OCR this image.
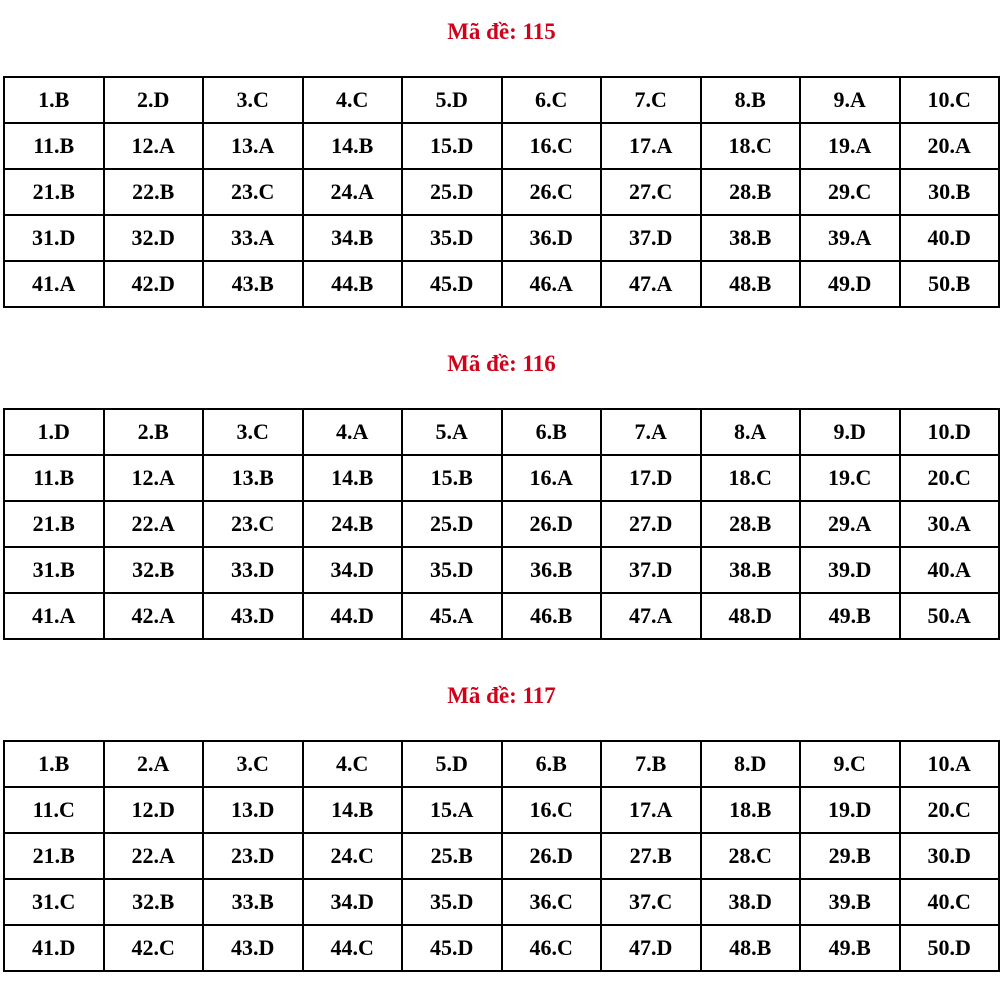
Mã đề: 115
1.B	2.D	3.C	4.C	5.D	6.C	7.C	8.B	9.A	10.C
11.B	12.A	13.A	14.B	15.D	16.C	17.A	18.C	19.A	20.A
21.B	22.B	23.C	24.A	25.D	26.C	27.C	28.B	29.C	30.B
31.D	32.D	33.A	34.B	35.D	36.D	37.D	38.B	39.A	40.D
41.A	42.D	43.B	44.B	45.D	46.A	47.A	48.B	49.D	50.B
Mã đề: 116
1.D	2.B	3.C	4.A	5.A	6.B	7.A	8.A	9.D	10.D
11.B	12.A	13.B	14.B	15.B	16.A	17.D	18.C	19.C	20.C
21.B	22.A	23.C	24.B	25.D	26.D	27.D	28.B	29.A	30.A
31.B	32.B	33.D	34.D	35.D	36.B	37.D	38.B	39.D	40.A
41.A	42.A	43.D	44.D	45.A	46.B	47.A	48.D	49.B	50.A
Mã đề: 117
1.B	2.A	3.C	4.C	5.D	6.B	7.B	8.D	9.C	10.A
11.C	12.D	13.D	14.B	15.A	16.C	17.A	18.B	19.D	20.C
21.B	22.A	23.D	24.C	25.B	26.D	27.B	28.C	29.B	30.D
31.C	32.B	33.B	34.D	35.D	36.C	37.C	38.D	39.B	40.C
41.D	42.C	43.D	44.C	45.D	46.C	47.D	48.B	49.B	50.D
